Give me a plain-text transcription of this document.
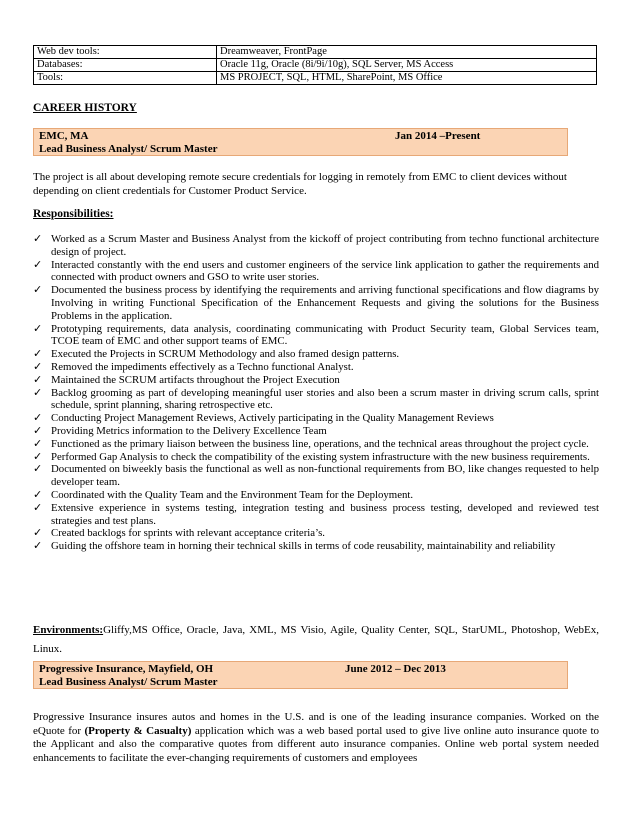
Web dev tools:	Dreamweaver, FrontPage
Databases:	Oracle 11g, Oracle (8i/9i/10g), SQL Server, MS Access
Tools:	MS PROJECT, SQL, HTML, SharePoint, MS Office
CAREER HISTORY
EMC, MA	Jan 2014 –Present
Lead Business Analyst/ Scrum Master
The project is all about developing remote secure credentials for logging in remotely from EMC to client devices without depending on client credentials for Customer Product Service.
Responsibilities:
✓ Worked as a Scrum Master and Business Analyst from the kickoff of project contributing from techno functional architecture design of project.
✓ Interacted constantly with the end users and customer engineers of the service link application to gather the requirements and connected with product owners and GSO to write user stories.
✓ Documented the business process by identifying the requirements and arriving functional specifications and flow diagrams by Involving in writing Functional Specification of the Enhancement Requests and giving the solutions for the Business Problems in the application.
✓ Prototyping requirements, data analysis, coordinating communicating with Product Security team, Global Services team, TCOE team of EMC and other support teams of EMC.
✓ Executed the Projects in SCRUM Methodology and also framed design patterns.
✓ Removed the impediments effectively as a Techno functional Analyst.
✓ Maintained the SCRUM artifacts throughout the Project Execution
✓ Backlog grooming as part of developing meaningful user stories and also been a scrum master in driving scrum calls, sprint schedule, sprint planning, sharing retrospective etc.
✓ Conducting Project Management Reviews, Actively participating in the Quality Management Reviews
✓ Providing Metrics information to the Delivery Excellence Team
✓ Functioned as the primary liaison between the business line, operations, and the technical areas throughout the project cycle.
✓ Performed Gap Analysis to check the compatibility of the existing system infrastructure with the new business requirements.
✓ Documented on biweekly basis the functional as well as non-functional requirements from BO, like changes requested to help developer team.
✓ Coordinated with the Quality Team and the Environment Team for the Deployment.
✓ Extensive experience in systems testing, integration testing and business process testing, developed and reviewed test strategies and test plans.
✓ Created backlogs for sprints with relevant acceptance criteria’s.
✓ Guiding the offshore team in horning their technical skills in terms of code reusability, maintainability and reliability
Environments:Gliffy,MS Office, Oracle, Java, XML, MS Visio, Agile, Quality Center, SQL, StarUML, Photoshop, WebEx, Linux.
Progressive Insurance, Mayfield, OH	June 2012 – Dec 2013
Lead Business Analyst/ Scrum Master
Progressive Insurance insures autos and homes in the U.S. and is one of the leading insurance companies. Worked on the eQuote for (Property & Casualty) application which was a web based portal used to give live online auto insurance quote to the Applicant and also the comparative quotes from different auto insurance companies. Online web portal system needed enhancements to facilitate the ever-changing requirements of customers and employees
